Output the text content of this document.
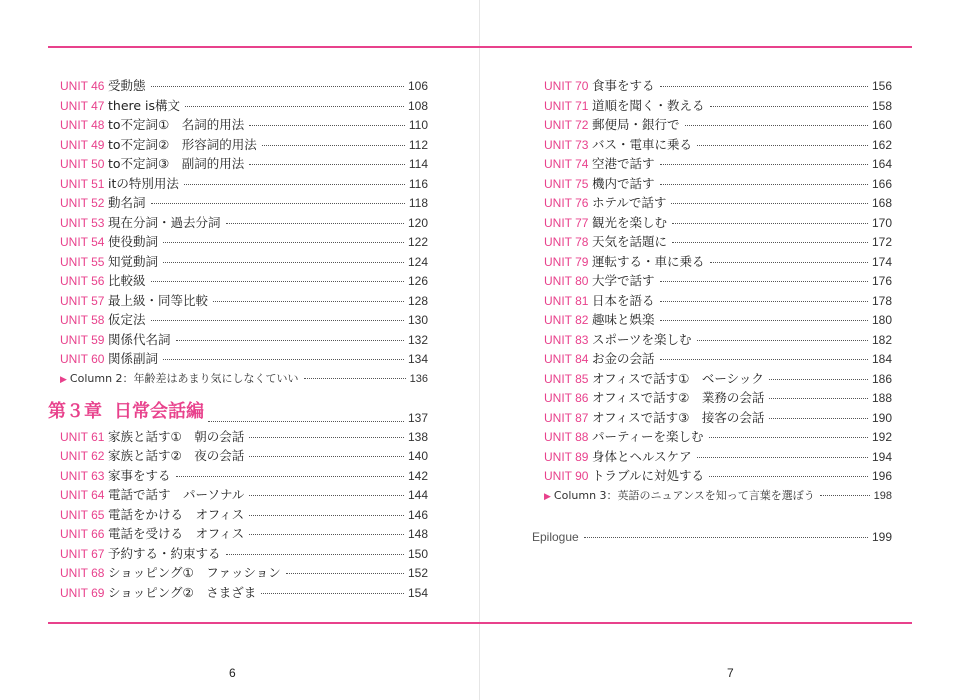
UNIT 46 受動態	106
UNIT 47 there is構文	108
UNIT 48 to不定詞①　名詞的用法	110
UNIT 49 to不定詞②　形容詞的用法	112
UNIT 50 to不定詞③　副詞的用法	114
UNIT 51 itの特別用法	116
UNIT 52 動名詞	118
UNIT 53 現在分詞・過去分詞	120
UNIT 54 使役動詞	122
UNIT 55 知覚動詞	124
UNIT 56 比較級	126
UNIT 57 最上級・同等比較	128
UNIT 58 仮定法	130
UNIT 59 関係代名詞	132
UNIT 60 関係副詞	134
▶ Column 2：年齢差はあまり気にしなくていい	136
第３章 日常会話編	137
UNIT 61 家族と話す①　朝の会話	138
UNIT 62 家族と話す②　夜の会話	140
UNIT 63 家事をする	142
UNIT 64 電話で話す　パーソナル	144
UNIT 65 電話をかける　オフィス	146
UNIT 66 電話を受ける　オフィス	148
UNIT 67 予約する・約束する	150
UNIT 68 ショッピング①　ファッション	152
UNIT 69 ショッピング②　さまざま	154
6
UNIT 70 食事をする	156
UNIT 71 道順を聞く・教える	158
UNIT 72 郵便局・銀行で	160
UNIT 73 バス・電車に乗る	162
UNIT 74 空港で話す	164
UNIT 75 機内で話す	166
UNIT 76 ホテルで話す	168
UNIT 77 観光を楽しむ	170
UNIT 78 天気を話題に	172
UNIT 79 運転する・車に乗る	174
UNIT 80 大学で話す	176
UNIT 81 日本を語る	178
UNIT 82 趣味と娯楽	180
UNIT 83 スポーツを楽しむ	182
UNIT 84 お金の会話	184
UNIT 85 オフィスで話す①　ベーシック	186
UNIT 86 オフィスで話す②　業務の会話	188
UNIT 87 オフィスで話す③　接客の会話	190
UNIT 88 パーティーを楽しむ	192
UNIT 89 身体とヘルスケア	194
UNIT 90 トラブルに対処する	196
▶ Column 3：英語のニュアンスを知って言葉を選ぼう	198
Epilogue	199
7
